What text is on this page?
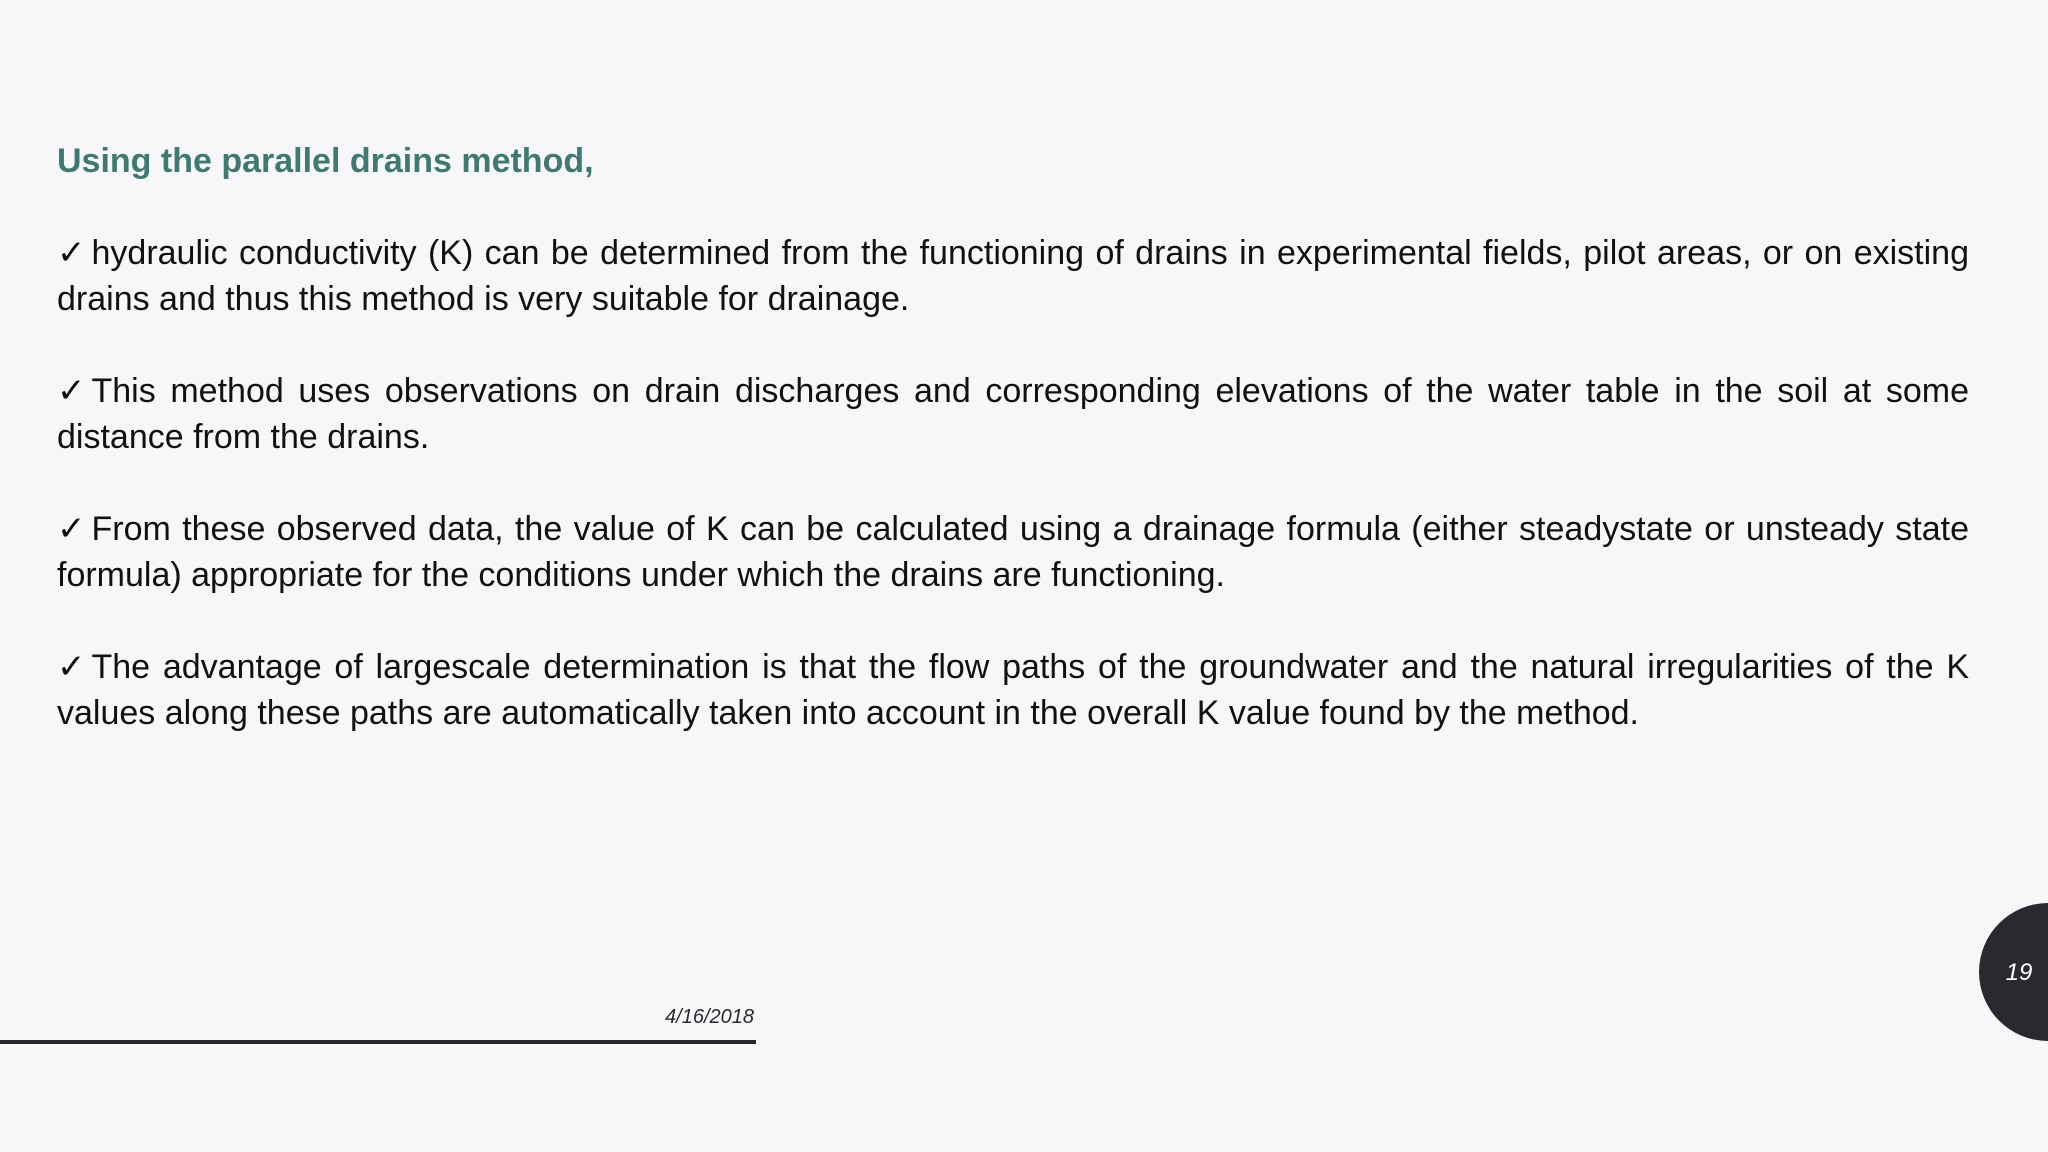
Using the parallel drains method,

✓ hydraulic conductivity (K) can be determined from the functioning of drains in experimental fields, pilot areas, or on existing drains and thus this method is very suitable for drainage.

✓ This method uses observations on drain discharges and corresponding elevations of the water table in the soil at some distance from the drains.

✓ From these observed data, the value of K can be calculated using a drainage formula (either steadystate or unsteady state formula) appropriate for the conditions under which the drains are functioning.

✓ The advantage of largescale determination is that the flow paths of the groundwater and the natural irregularities of the K values along these paths are automatically taken into account in the overall K value found by the method.

4/16/2018
19
